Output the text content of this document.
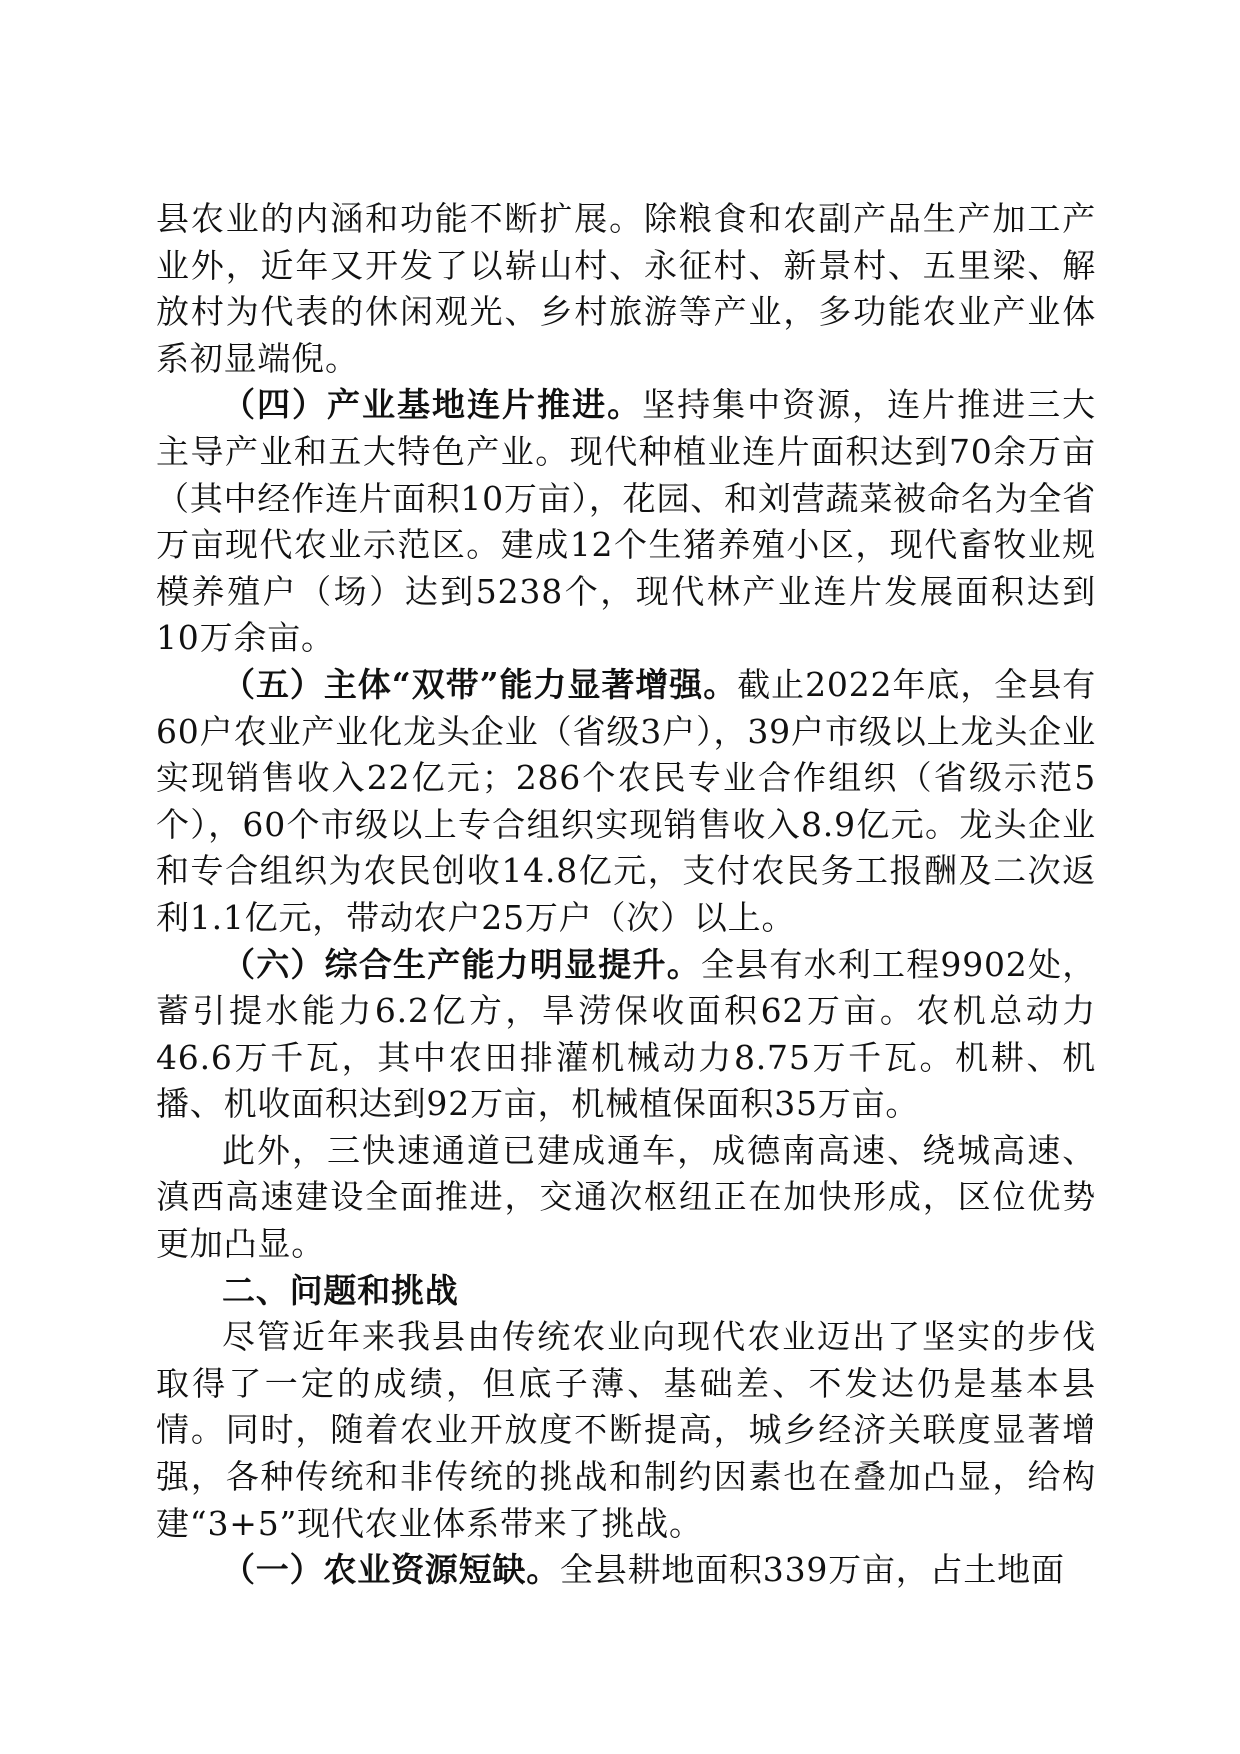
县农业的内涵和功能不断扩展。除粮食和农副产品生产加工产业外，近年又开发了以崭山村、永征村、新景村、五里梁、解放村为代表的休闲观光、乡村旅游等产业，多功能农业产业体系初显端倪。

（四）产业基地连片推进。坚持集中资源，连片推进三大主导产业和五大特色产业。现代种植业连片面积达到70余万亩（其中经作连片面积10万亩），花园、和刘营蔬菜被命名为全省万亩现代农业示范区。建成12个生猪养殖小区，现代畜牧业规模养殖户（场）达到5238个，现代林产业连片发展面积达到10万余亩。

（五）主体“双带”能力显著增强。截止2022年底，全县有60户农业产业化龙头企业（省级3户），39户市级以上龙头企业实现销售收入22亿元；286个农民专业合作组织（省级示范5个），60个市级以上专合组织实现销售收入8.9亿元。龙头企业和专合组织为农民创收14.8亿元，支付农民务工报酬及二次返利1.1亿元，带动农户25万户（次）以上。

（六）综合生产能力明显提升。全县有水利工程9902处，蓄引提水能力6.2亿方，旱涝保收面积62万亩。农机总动力46.6万千瓦，其中农田排灌机械动力8.75万千瓦。机耕、机播、机收面积达到92万亩，机械植保面积35万亩。

此外，三快速通道已建成通车，成德南高速、绕城高速、滇西高速建设全面推进，交通次枢纽正在加快形成，区位优势更加凸显。

二、问题和挑战

尽管近年来我县由传统农业向现代农业迈出了坚实的步伐取得了一定的成绩，但底子薄、基础差、不发达仍是基本县情。同时，随着农业开放度不断提高，城乡经济关联度显著增强，各种传统和非传统的挑战和制约因素也在叠加凸显，给构建“3+5”现代农业体系带来了挑战。

（一）农业资源短缺。全县耕地面积339万亩，占土地面
